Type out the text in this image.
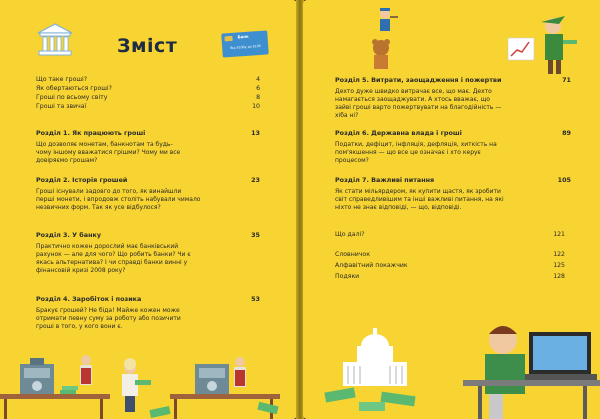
Зміст	Банк
Від $100у до $100
Що таке гроші?	4
Як обертаються гроші?	6
Гроші по всьому світу	8
Гроші та звичаї	10
Розділ 1. Як працюють гроші	13
Що дозволяє монетам, банкнотам та будь-чому іншому вважатися грішми? Чому ми все довіряємо грошам?
Розділ 2. Історія грошей	23
Гроші існували задовго до того, як винайшли перші монети, і впродовж століть набували чимало незвичних форм. Так як усе відбулося?
Розділ 3. У банку	35
Практично кожен дорослий має банківський рахунок — але для чого? Що робить банки? Чи є якась альтернатива? І чи справді банки винні у фінансовій кризі 2008 року?
Розділ 4. Заробіток і позика	53
Бракує грошей? Не біда! Майже кожен може отримати певну суму за роботу або позичити гроші в того, у кого вони є.
Розділ 5. Витрати, заощадження і пожертви	71
Дехто дуже швидко витрачає все, що має. Дехто намагається заощаджувати. А хтось вважає, що зайві гроші варто пожертвувати на благодійність — хіба ні?
Розділ 6. Державна влада і гроші	89
Податки, дефіцит, інфляція, дефляція, хиткість на пом'якшення — що все це означає і хто керує процесом?
Розділ 7. Важливі питання	105
Як стати мільярдером, як купити щастя, як зробити світ справедливішим та інші важливі питання, на які ніхто не знає відповіді, — що, відповіді.
Що далі?	121
Словничок	122
Алфавітний покажчик	125
Подяки	128
